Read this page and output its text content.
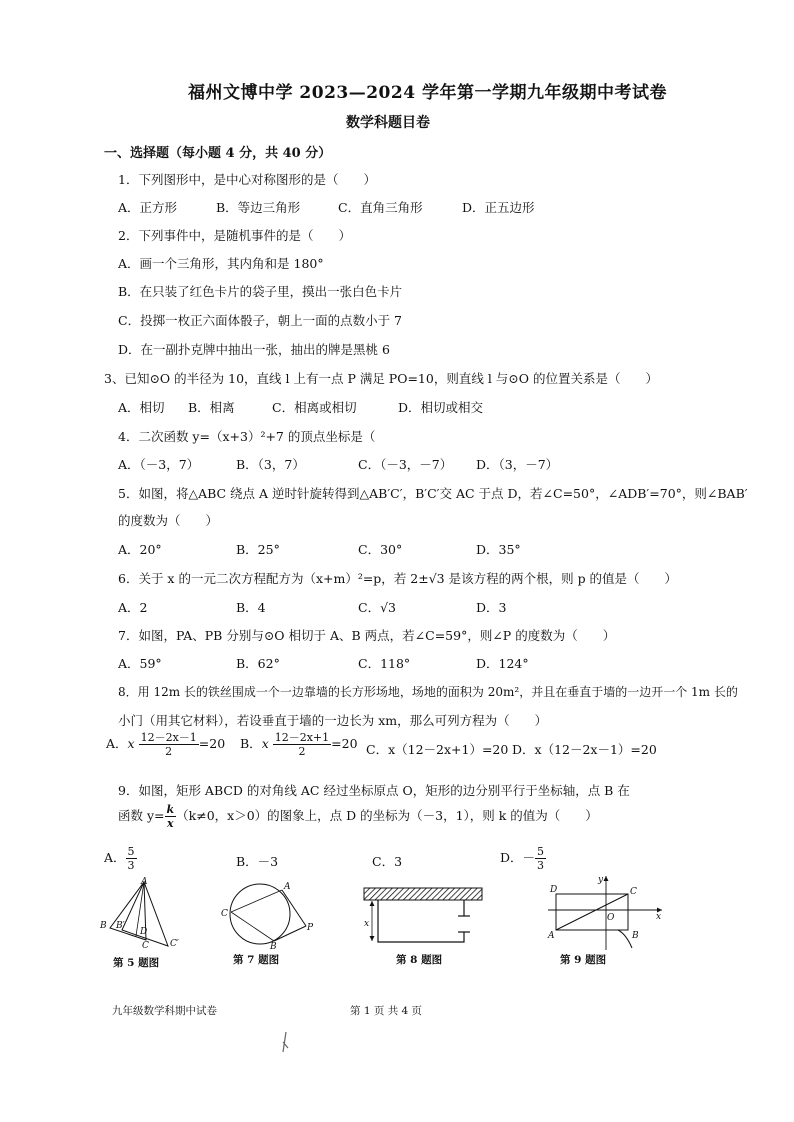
福州文博中学 2023—2024 学年第一学期九年级期中考试卷
数学科题目卷
一、选择题（每小题 4 分，共 40 分）
1．下列图形中，是中心对称图形的是（　　）
A．正方形	B．等边三角形	C．直角三角形	D．正五边形
2．下列事件中，是随机事件的是（　　）
A．画一个三角形，其内角和是 180°
B．在只装了红色卡片的袋子里，摸出一张白色卡片
C．投掷一枚正六面体骰子，朝上一面的点数小于 7
D．在一副扑克牌中抽出一张，抽出的牌是黑桃 6
3、已知⊙O 的半径为 10，直线 l 上有一点 P 满足 PO=10，则直线 l 与⊙O 的位置关系是（　　）
A．相切 B．相离	C．相离或相切	D．相切或相交
4．二次函数 y=（x+3）²+7 的顶点坐标是（
A．（－3，7）	B．（3，7）	C．（－3，－7） D．（3，－7）
5．如图，将△ABC 绕点 A 逆时针旋转得到△AB′C′，B′C′交 AC 于点 D，若∠C=50°，∠ADB′=70°，则∠BAB′
的度数为（　　）
A．20°	B．25°	C．30°	D．35°
6．关于 x 的一元二次方程配方为（x+m）²=p，若 2±√3 是该方程的两个根，则 p 的值是（　　）
A．2	B．4	C．√3	D．3
7．如图，PA、PB 分别与⊙O 相切于 A、B 两点，若∠C=59°，则∠P 的度数为（　　）
A．59°	B．62°	C．118°	D．124°
8．用 12m 长的铁丝围成一个一边靠墙的长方形场地，场地的面积为 20m²，并且在垂直于墙的一边开一个 1m 长的
小门（用其它材料），若设垂直于墙的一边长为 xm，那么可列方程为（　　）
A．x $\frac{12-2x-1}{2} =20$ B．x $\frac{12-2x+1}{2} =20$ C．x（12－2x+1）=20 D．x（12－2x－1）=20
9．如图，矩形 ABCD 的对角线 AC 经过坐标原点 O，矩形的边分别平行于坐标轴，点 B 在
函数 $y= \frac{k}{x} (k\ne 0$，x＞0）的图象上，点 D 的坐标为（－3，1），则 k 的值为（　　）
A． $\frac{5}{3}$	B．－3	C．3	D．－ $\frac{5}{3}$
A
B B′
D
C C′
第 5 题图
A
C
P
B
第 7 题图
x
第 8 题图
D	C
y
x
O
A	B
第 9 题图
九年级数学科期中试卷	第 1 页 共 4 页
